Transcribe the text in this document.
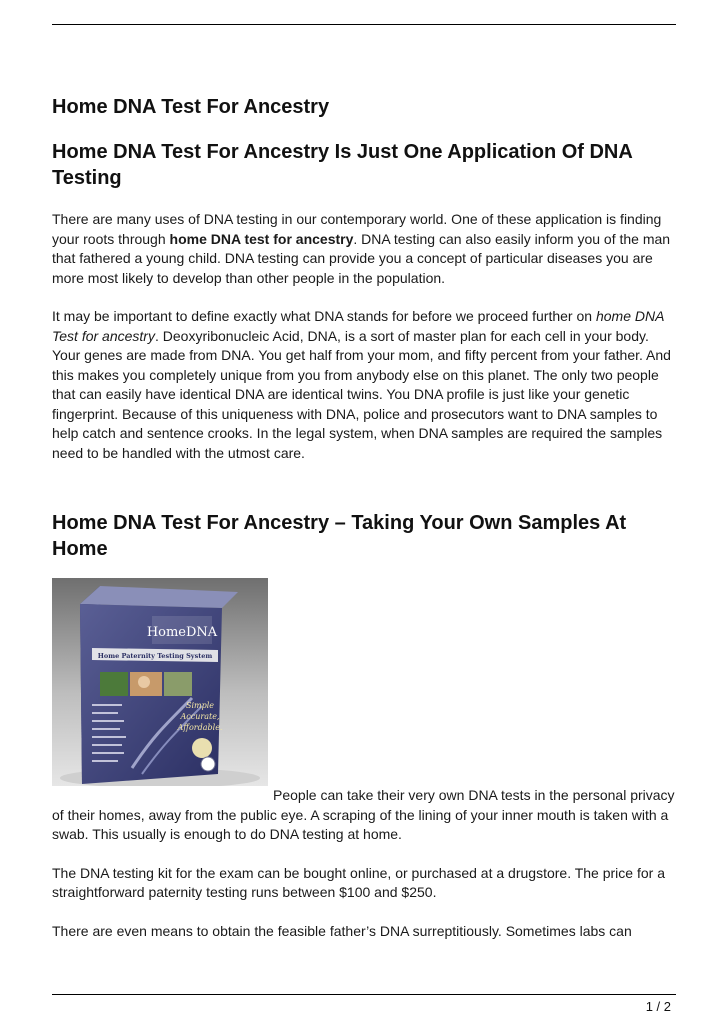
Home DNA Test For Ancestry
Home DNA Test For Ancestry Is Just One Application Of DNA Testing

There are many uses of DNA testing in our contemporary world. One of these application is finding your roots through home DNA test for ancestry. DNA testing can also easily inform you of the man that fathered a young child. DNA testing can provide you a concept of particular diseases you are more most likely to develop than other people in the population.

It may be important to define exactly what DNA stands for before we proceed further on home DNA Test for ancestry. Deoxyribonucleic Acid, DNA, is a sort of master plan for each cell in your body. Your genes are made from DNA. You get half from your mom, and fifty percent from your father. And this makes you completely unique from you from anybody else on this planet. The only two people that can easily have identical DNA are identical twins. You DNA profile is just like your genetic fingerprint. Because of this uniqueness with DNA, police and prosecutors want to DNA samples to help catch and sentence crooks. In the legal system, when DNA samples are required the samples need to be handled with the utmost care.

Home DNA Test For Ancestry – Taking Your Own Samples At Home
HomeDNA
Home Paternity Testing System
Simple
Accurate,
Affordable.

People can take their very own DNA tests in the personal privacy of their homes, away from the public eye. A scraping of the lining of your inner mouth is taken with a swab. This usually is enough to do DNA testing at home.

The DNA testing kit for the exam can be bought online, or purchased at a drugstore. The price for a straightforward paternity testing runs between $100 and $250.

There are even means to obtain the feasible father’s DNA surreptitiously. Sometimes labs can

1 / 2
